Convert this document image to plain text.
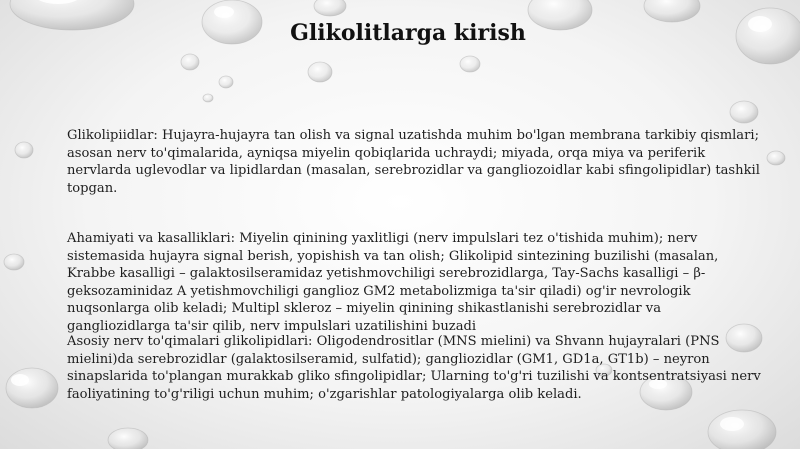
Glikolitlarga kirish

Glikolipiidlar: Hujayra-hujayra tan olish va signal uzatishda muhim bo'lgan membrana tarkibiy qismlari; asosan nerv to'qimalarida, ayniqsa miyelin qobiqlarida uchraydi; miyada, orqa miya va periferik nervlarda uglevodlar va lipidlardan (masalan, serebrozidlar va gangliozoidlar kabi sfingolipidlar) tashkil topgan.

Ahamiyati va kasalliklari: Miyelin qinining yaxlitligi (nerv impulslari tez o'tishida muhim); nerv sistemasida hujayra signal berish, yopishish va tan olish; Glikolipid sintezining buzilishi (masalan, Krabbe kasalligi – galaktosilseramidaz yetishmovchiligi serebrozidlarga, Tay-Sachs kasalligi – β-geksozaminidaz A yetishmovchiligi ganglioz GM2 metabolizmiga ta'sir qiladi) og'ir nevrologik nuqsonlarga olib keladi; Multipl skleroz – miyelin qinining shikastlanishi serebrozidlar va gangliozidlarga ta'sir qilib, nerv impulslari uzatilishini buzadi

Asosiy nerv to'qimalari glikolipidlari: Oligodendrositlar (MNS mielini) va Shvann hujayralari (PNS mielini)da serebrozidlar (galaktosilseramid, sulfatid); gangliozidlar (GM1, GD1a, GT1b) – neyron sinapslarida to'plangan murakkab gliko sfingolipidlar; Ularning to'g'ri tuzilishi va kontsentratsiyasi nerv faoliyatining to'g'riligi uchun muhim; o'zgarishlar patologiyalarga olib keladi.
